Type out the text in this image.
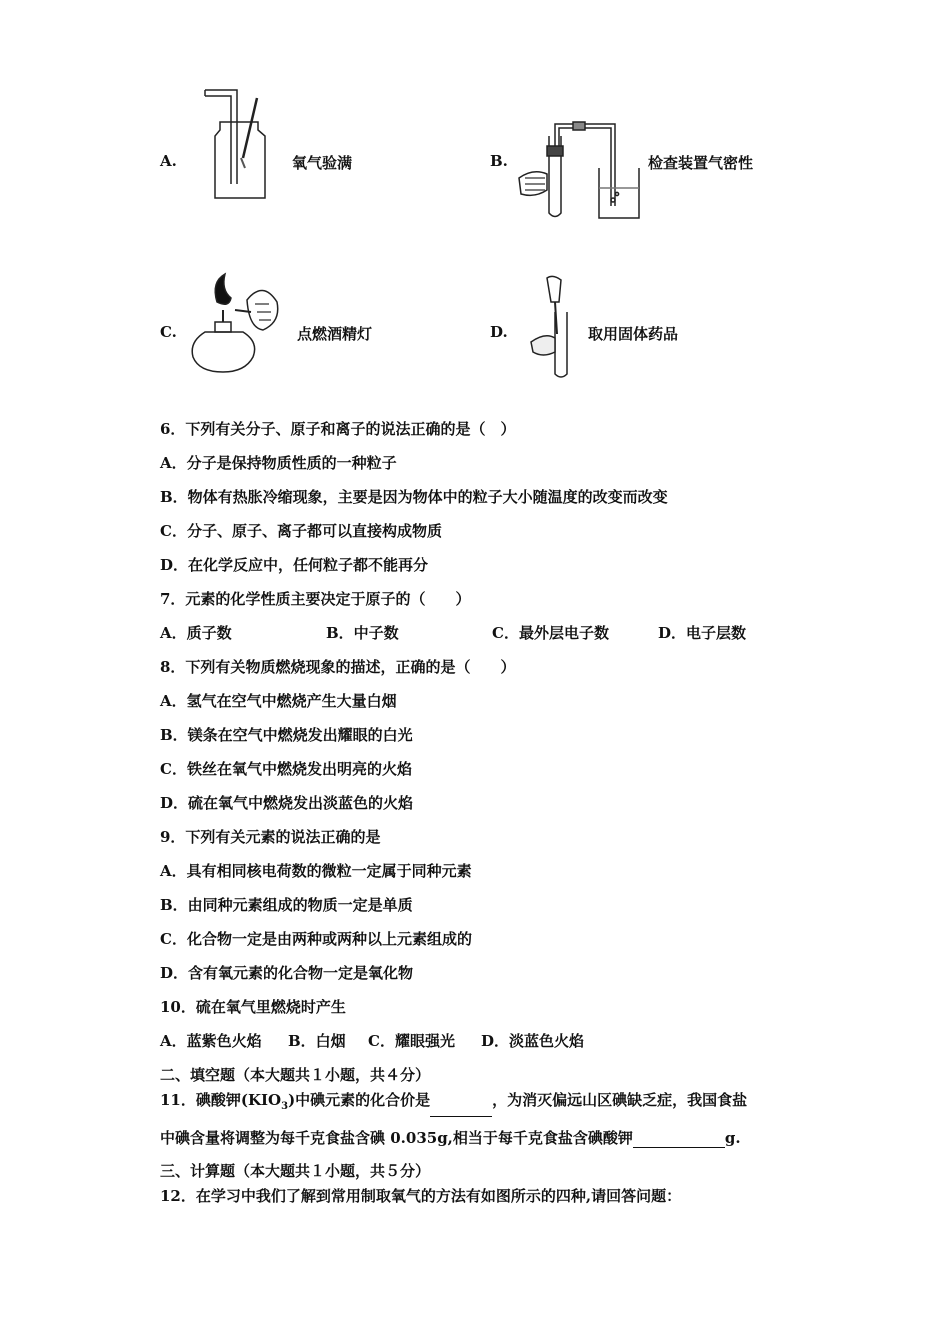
A.	氧气验满	B.	检查装置气密性
C.	点燃酒精灯	D.	取用固体药品
6．下列有关分子、原子和离子的说法正确的是（　）
A．分子是保持物质性质的一种粒子
B．物体有热胀冷缩现象，主要是因为物体中的粒子大小随温度的改变而改变
C．分子、原子、离子都可以直接构成物质
D．在化学反应中，任何粒子都不能再分
7．元素的化学性质主要决定于原子的（　　）
A．质子数	B．中子数	C．最外层电子数	D．电子层数
8．下列有关物质燃烧现象的描述，正确的是（　　）
A．氢气在空气中燃烧产生大量白烟
B．镁条在空气中燃烧发出耀眼的白光
C．铁丝在氧气中燃烧发出明亮的火焰
D．硫在氧气中燃烧发出淡蓝色的火焰
9．下列有关元素的说法正确的是
A．具有相同核电荷数的微粒一定属于同种元素
B．由同种元素组成的物质一定是单质
C．化合物一定是由两种或两种以上元素组成的
D．含有氧元素的化合物一定是氧化物
10．硫在氧气里燃烧时产生
A．蓝紫色火焰 B．白烟 C．耀眼强光 D．淡蓝色火焰
二、填空题（本大题共１小题，共４分）
11．碘酸钾$(KIO_3)$中碘元素的化合价是	，为消灭偏远山区碘缺乏症，我国食盐
中碘含量将调整为每千克食盐含碘 0.035g,相当于每千克食盐含碘酸钾	g.
三、计算题（本大题共１小题，共５分）
12．在学习中我们了解到常用制取氧气的方法有如图所示的四种,请回答问题：
